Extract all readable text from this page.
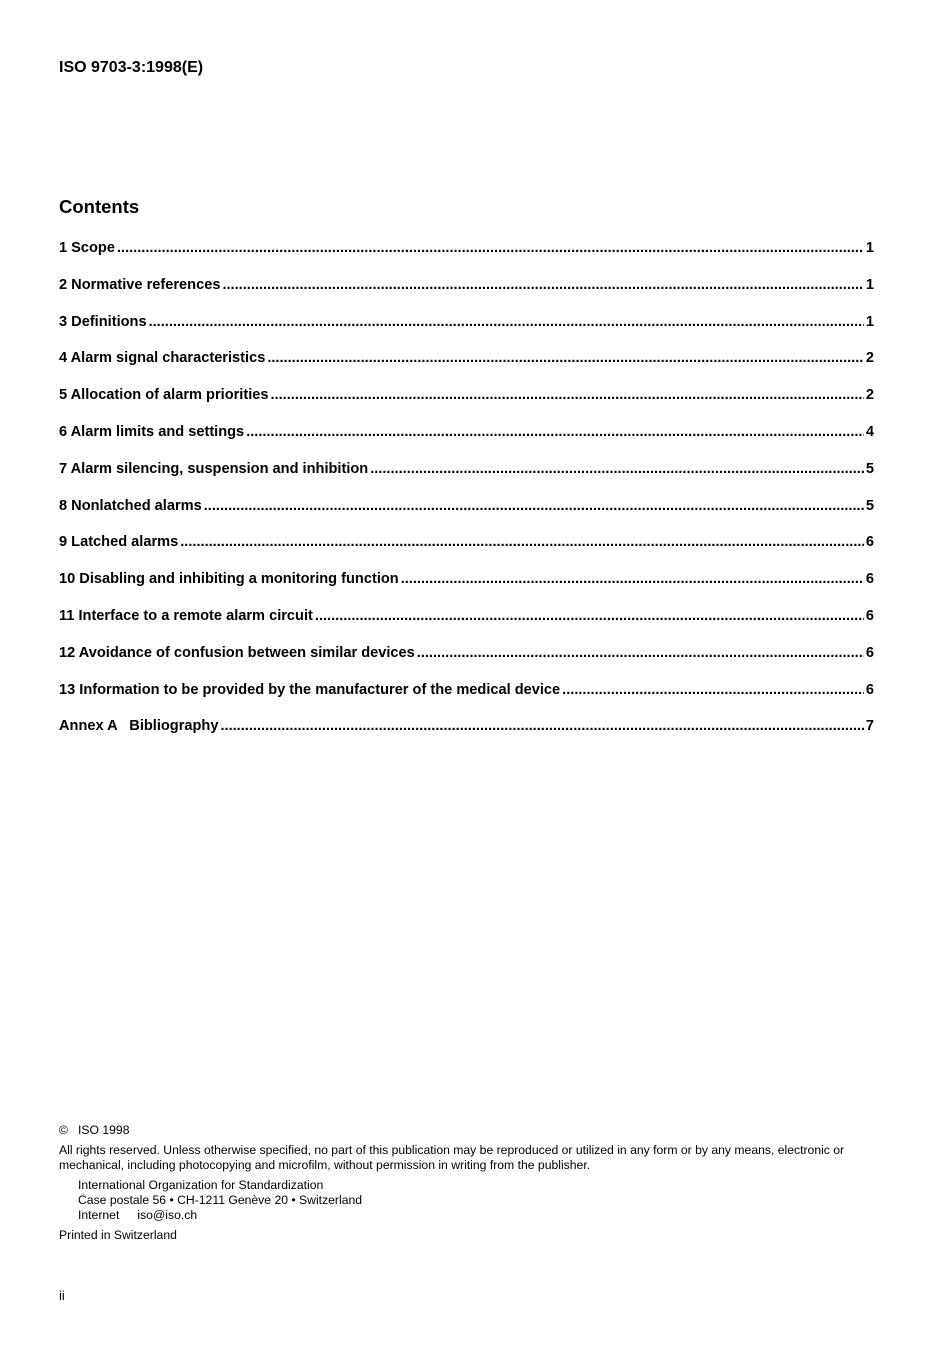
ISO 9703-3:1998(E)
Contents
1 Scope .....	1
2 Normative references .....	1
3 Definitions .....	1
4 Alarm signal characteristics .....	2
5 Allocation of alarm priorities .....	2
6 Alarm limits and settings .....	4
7 Alarm silencing, suspension and inhibition .....	5
8 Nonlatched alarms .....	5
9 Latched alarms .....	6
10 Disabling and inhibiting a monitoring function .....	6
11 Interface to a remote alarm circuit .....	6
12 Avoidance of confusion between similar devices .....	6
13 Information to be provided by the manufacturer of the medical device .....	6
Annex A   Bibliography .....	7

© ISO 1998

All rights reserved. Unless otherwise specified, no part of this publication may be reproduced or utilized in any form or by any means, electronic or mechanical, including photocopying and microfilm, without permission in writing from the publisher.

International Organization for Standardization

Case postale 56 • CH-1211 Genève 20 • Switzerland

Internet iso@iso.ch

Printed in Switzerland

ii
